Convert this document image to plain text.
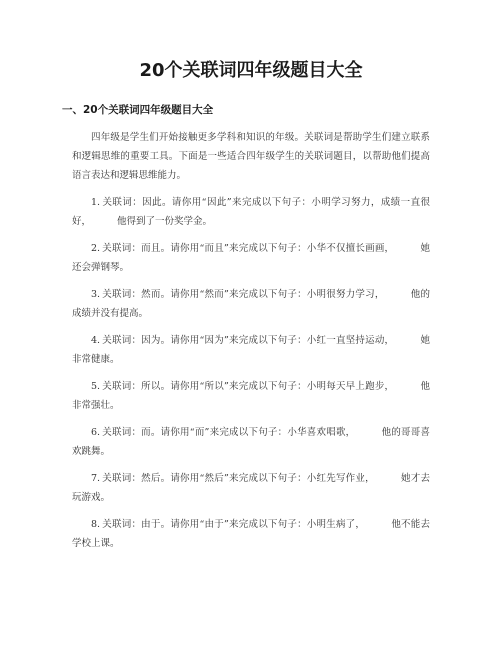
20个关联词四年级题目大全
一、20个关联词四年级题目大全

四年级是学生们开始接触更多学科和知识的年级。关联词是帮助学生们建立联系和逻辑思维的重要工具。下面是一些适合四年级学生的关联词题目，以帮助他们提高语言表达和逻辑思维能力。

1. 关联词：因此。请你用“因此”来完成以下句子：小明学习努力，成绩一直很好，	他得到了一份奖学金。

2. 关联词：而且。请你用“而且”来完成以下句子：小华不仅擅长画画，	她还会弹钢琴。

3. 关联词：然而。请你用“然而”来完成以下句子：小明很努力学习，	他的成绩并没有提高。

4. 关联词：因为。请你用“因为”来完成以下句子：小红一直坚持运动，	她非常健康。

5. 关联词：所以。请你用“所以”来完成以下句子：小明每天早上跑步，	他非常强壮。

6. 关联词：而。请你用“而”来完成以下句子：小华喜欢唱歌，	他的哥哥喜欢跳舞。

7. 关联词：然后。请你用“然后”来完成以下句子：小红先写作业，	她才去玩游戏。

8. 关联词：由于。请你用“由于”来完成以下句子：小明生病了，	他不能去学校上课。
